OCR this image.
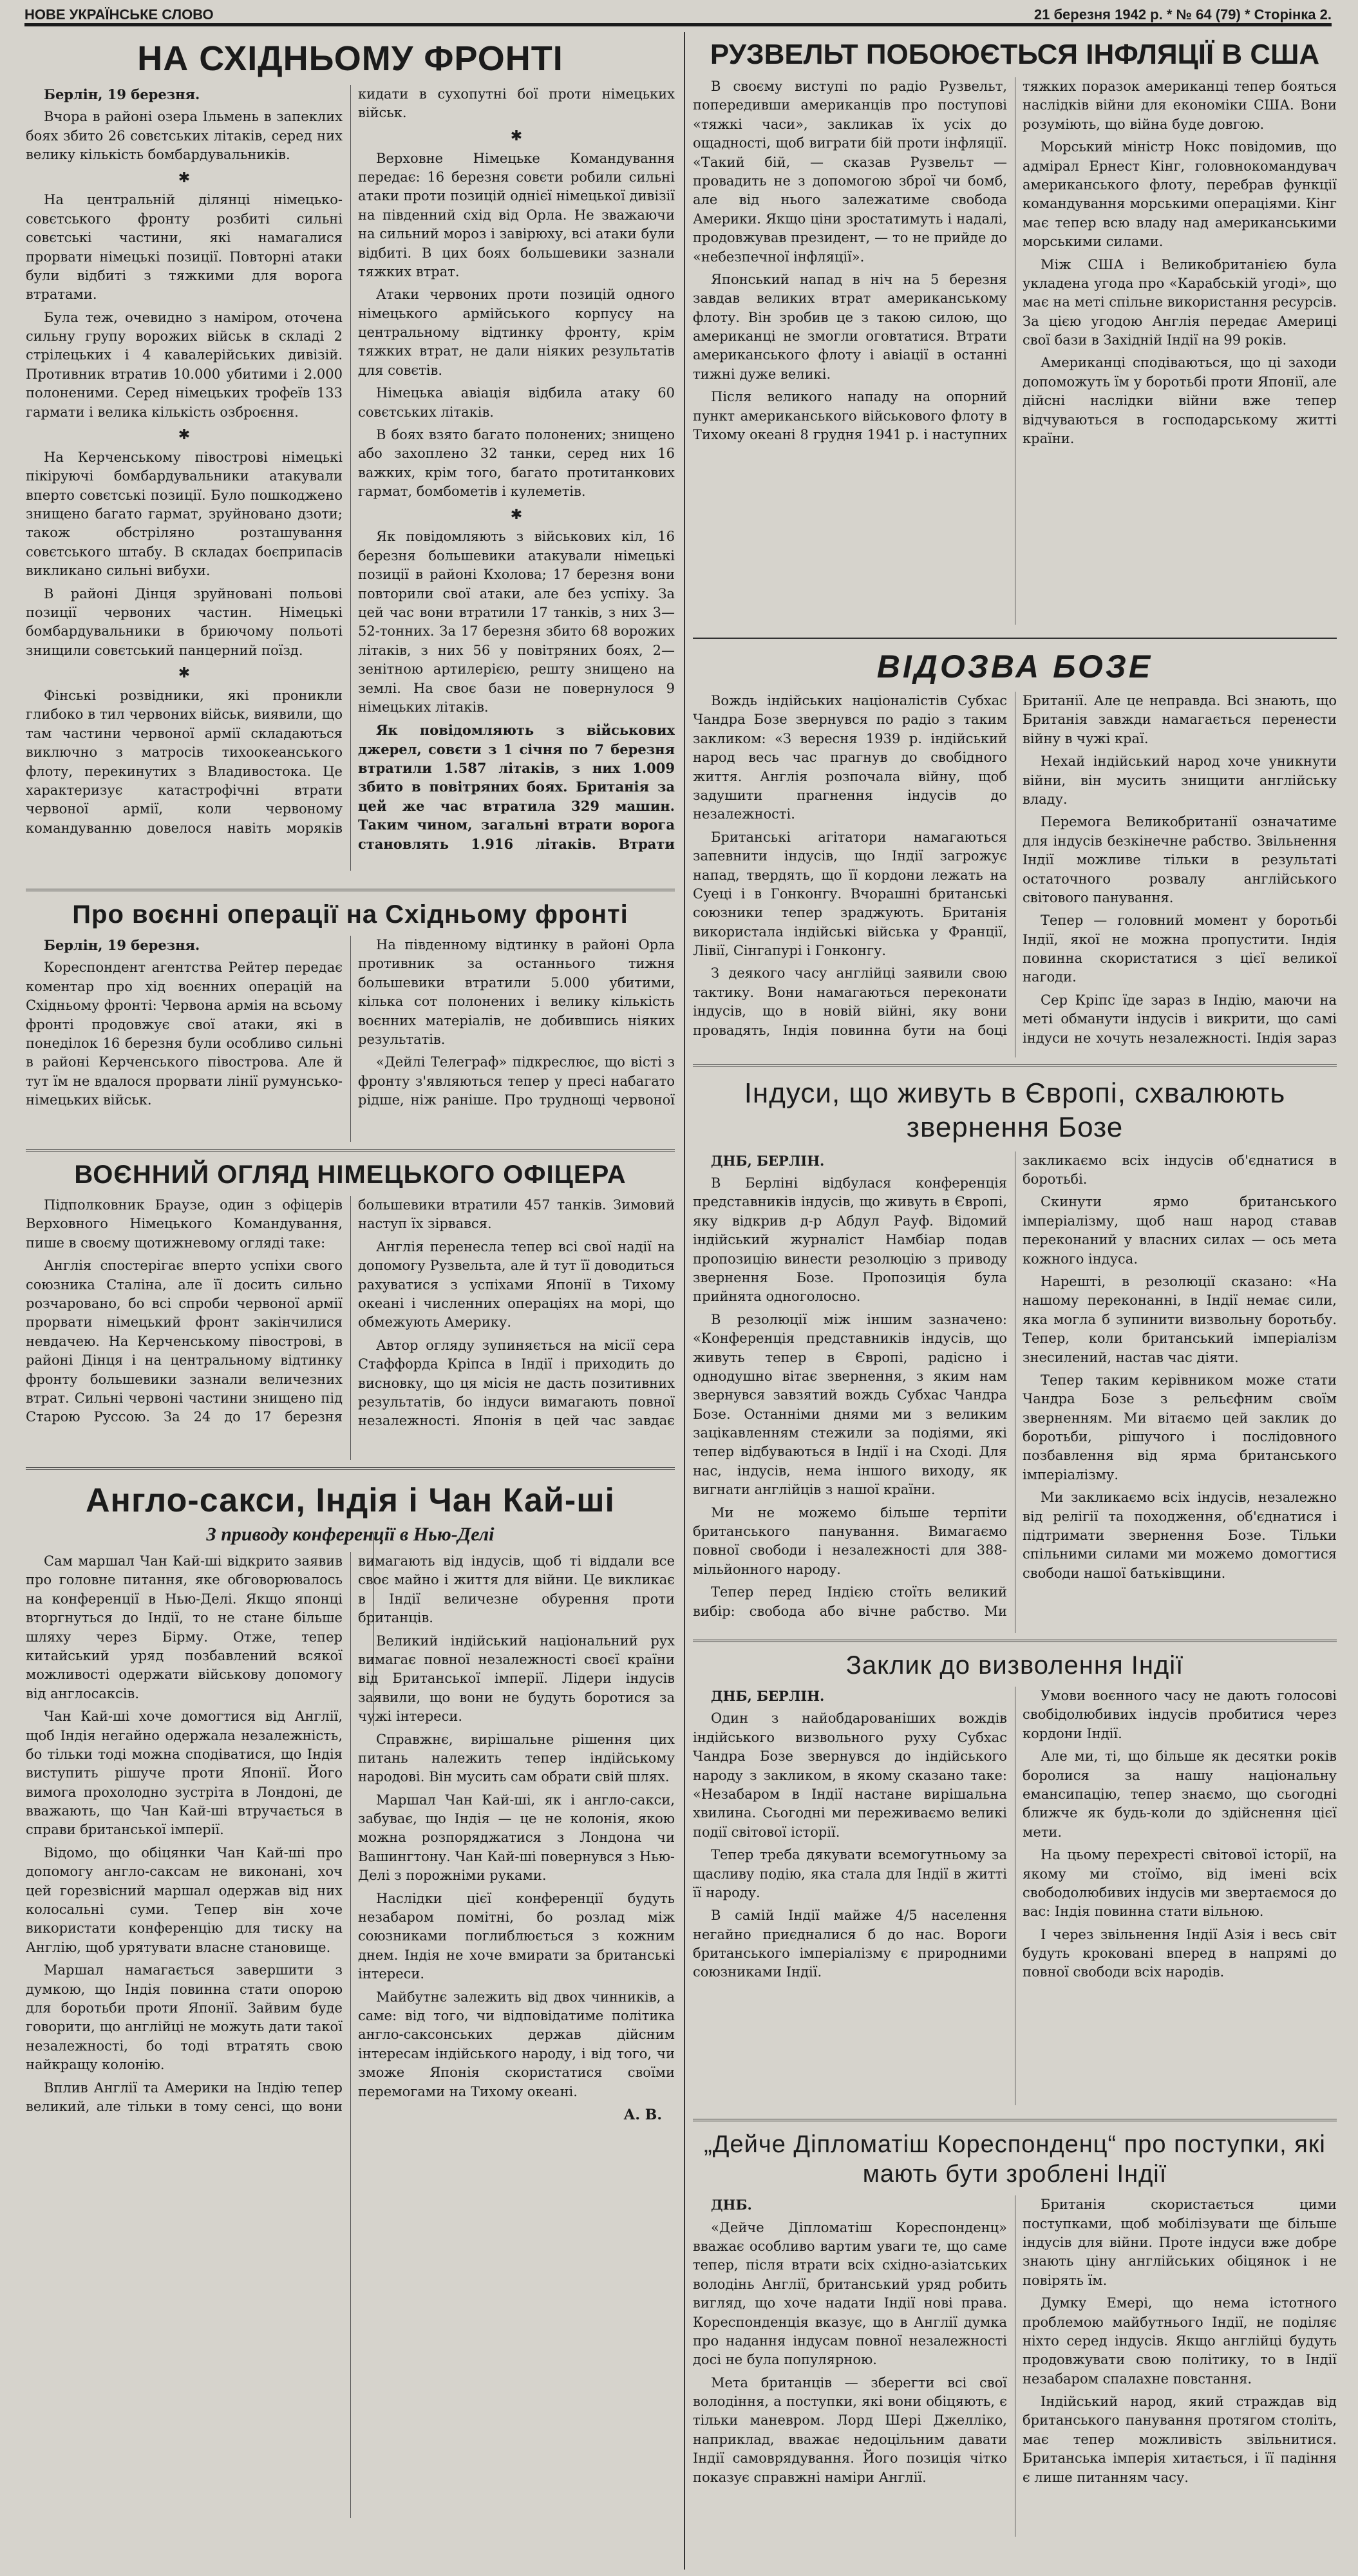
НОВЕ УКРАЇНСЬКЕ СЛОВО	21 березня 1942 р. * № 64 (79) * Сторінка 2.
НА СХІДНЬОМУ ФРОНТІ

Берлін, 19 березня.

Вчора в районі озера Ільмень в запеклих боях збито 26 совєтських літаків, серед них велику кількість бомбардувальників.

✱

На центральній ділянці німецько-совєтського фронту розбиті сильні совєтські частини, які намагалися прорвати німецькі позиції. Повторні атаки були відбиті з тяжкими для ворога втратами.

Була теж, очевидно з наміром, оточена сильну групу ворожих військ в складі 2 стрілецьких і 4 кавалерійських дивізій. Противник втратив 10.000 убитими і 2.000 полоненими. Серед німецьких трофеїв 133 гармати і велика кількість озброєння.

✱

На Керченському півострові німецькі пікіруючі бомбардувальники атакували вперто совєтські позиції. Було пошкоджено знищено багато гармат, зруйновано дзоти; також обстріляно розташування совєтського штабу. В складах боєприпасів викликано сильні вибухи.

В районі Дінця зруйновані польові позиції червоних частин. Німецькі бомбардувальники в бриючому польоті знищили совєтський панцерний поїзд.

✱

Фінські розвідники, які проникли глибоко в тил червоних військ, виявили, що там частини червоної армії складаються виключно з матросів тихоокеанського флоту, перекинутих з Владивостока. Це характеризує катастрофічні втрати червоної армії, коли червоному командуванню довелося навіть моряків кидати в сухопутні бої проти німецьких військ.

✱

Верховне Німецьке Командування передає: 16 березня совєти робили сильні атаки проти позицій однієї німецької дивізії на південний схід від Орла. Не зважаючи на сильний мороз і завірюху, всі атаки були відбиті. В цих боях большевики зазнали тяжких втрат.

Атаки червоних проти позицій одного німецького армійського корпусу на центральному відтинку фронту, крім тяжких втрат, не дали ніяких результатів для совєтів.

Німецька авіація відбила атаку 60 совєтських літаків.

В боях взято багато полонених; знищено або захоплено 32 танки, серед них 16 важких, крім того, багато протитанкових гармат, бомбометів і кулеметів.

✱

Як повідомляють з військових кіл, 16 березня большевики атакували німецькі позиції в районі Кхолова; 17 березня вони повторили свої атаки, але без успіху. За цей час вони втратили 17 танків, з них 3—52-тонних. За 17 березня збито 68 ворожих літаків, з них 56 у повітряних боях, 2—зенітною артилерією, решту знищено на землі. На своє бази не повернулося 9 німецьких літаків.

Як повідомляють з військових джерел, совєти з 1 січня по 7 березня втратили 1.587 літаків, з них 1.009 збито в повітряних боях. Британія за цей же час втратила 329 машин. Таким чином, загальні втрати ворога становлять 1.916 літаків. Втрати

Про воєнні операції на Східньому фронті

Берлін, 19 березня.

Кореспондент агентства Рейтер передає коментар про хід воєнних операцій на Східньому фронті: Червона армія на всьому фронті продовжує свої атаки, які в понеділок 16 березня були особливо сильні в районі Керченського півострова. Але й тут їм не вдалося прорвати лінії румунсько-німецьких військ.

На південному відтинку в районі Орла противник за останнього тижня большевики втратили 5.000 убитими, кілька сот полонених і велику кількість воєнних матеріалів, не добившись ніяких результатів.

«Дейлі Телеграф» підкреслює, що вісті з фронту з'являються тепер у пресі набагато рідше, ніж раніше. Про труднощі червоної

ВОЄННИЙ ОГЛЯД НІМЕЦЬКОГО ОФІЦЕРА

Підполковник Браузе, один з офіцерів Верховного Німецького Командування, пише в своєму щотижневому огляді таке:

Англія спостерігає вперто успіхи свого союзника Сталіна, але її досить сильно розчаровано, бо всі спроби червоної армії прорвати німецький фронт закінчилися невдачею. На Керченському півострові, в районі Дінця і на центральному відтинку фронту большевики зазнали величезних втрат. Сильні червоні частини знищено під Старою Руссою. За 24 до 17 березня большевики втратили 457 танків. Зимовий наступ їх зірвався.

Англія перенесла тепер всі свої надії на допомогу Рузвельта, але й тут її доводиться рахуватися з успіхами Японії в Тихому океані і численних операціях на морі, що обмежують Америку.

Автор огляду зупиняється на місії сера Стаффорда Кріпса в Індії і приходить до висновку, що ця місія не дасть позитивних результатів, бо індуси вимагають повної незалежності. Японія в цей час завдає

Англо-сакси, Індія і Чан Кай-ші
З приводу конференції в Нью-Делі

Сам маршал Чан Кай-ші відкрито заявив про головне питання, яке обговорювалось на конференції в Нью-Делі. Якщо японці вторгнуться до Індії, то не стане більше шляху через Бірму. Отже, тепер китайський уряд позбавлений всякої можливості одержати військову допомогу від англосаксів.

Чан Кай-ші хоче домогтися від Англії, щоб Індія негайно одержала незалежність, бо тільки тоді можна сподіватися, що Індія виступить рішуче проти Японії. Його вимога прохолодно зустріта в Лондоні, де вважають, що Чан Кай-ші втручається в справи британської імперії.

Відомо, що обіцянки Чан Кай-ші про допомогу англо-саксам не виконані, хоч цей горезвісний маршал одержав від них колосальні суми. Тепер він хоче використати конференцію для тиску на Англію, щоб урятувати власне становище.

Маршал намагається завершити з думкою, що Індія повинна стати опорою для боротьби проти Японії. Зайвим буде говорити, що англійці не можуть дати такої незалежності, бо тоді втратять свою найкращу колонію.

Вплив Англії та Америки на Індію тепер великий, але тільки в тому сенсі, що вони вимагають від індусів, щоб ті віддали все своє майно і життя для війни. Це викликає в Індії величезне обурення проти британців.

Великий індійський національний рух вимагає повної незалежності своєї країни від Британської імперії. Лідери індусів заявили, що вони не будуть боротися за чужі інтереси.

Справжнє, вирішальне рішення цих питань належить тепер індійському народові. Він мусить сам обрати свій шлях.

Маршал Чан Кай-ші, як і англо-сакси, забуває, що Індія — це не колонія, якою можна розпоряджатися з Лондона чи Вашингтону. Чан Кай-ші повернувся з Нью-Делі з порожніми руками.

Наслідки цієї конференції будуть незабаром помітні, бо розлад між союзниками поглиблюється з кожним днем. Індія не хоче вмирати за британські інтереси.

Майбутнє залежить від двох чинників, а саме: від того, чи відповідатиме політика англо-саксонських держав дійсним інтересам індійського народу, і від того, чи зможе Японія скористатися своїми перемогами на Тихому океані.

А. В.
РУЗВЕЛЬТ ПОБОЮЄТЬСЯ ІНФЛЯЦІЇ В США

В своєму виступі по радіо Рузвельт, попередивши американців про поступові «тяжкі часи», закликав їх усіх до ощадності, щоб виграти бій проти інфляції. «Такий бій, — сказав Рузвельт — провадить не з допомогою зброї чи бомб, але від нього залежатиме свобода Америки. Якщо ціни зростатимуть і надалі, продовжував президент, — то не прийде до «небезпечної інфляції».

Японський напад в ніч на 5 березня завдав великих втрат американському флоту. Він зробив це з такою силою, що американці не змогли оговтатися. Втрати американського флоту і авіації в останні тижні дуже великі.

Після великого нападу на опорний пункт американського військового флоту в Тихому океані 8 грудня 1941 р. і наступних тяжких поразок американці тепер бояться наслідків війни для економіки США. Вони розуміють, що війна буде довгою.

Морський міністр Нокс повідомив, що адмірал Ернест Кінг, головнокомандувач американського флоту, перебрав функції командування морськими операціями. Кінг має тепер всю владу над американськими морськими силами.

Між США і Великобританією була укладена угода про «Карабській угоді», що має на меті спільне використання ресурсів. За цією угодою Англія передає Америці свої бази в Західній Індії на 99 років.

Американці сподіваються, що ці заходи допоможуть їм у боротьбі проти Японії, але дійсні наслідки війни вже тепер відчуваються в господарському житті країни.

ВІДОЗВА БОЗЕ

Вождь індійських націоналістів Субхас Чандра Бозе звернувся по радіо з таким закликом: «З вересня 1939 р. індійський народ весь час прагнув до свобідного життя. Англія розпочала війну, щоб задушити прагнення індусів до незалежності.

Британські агітатори намагаються запевнити індусів, що Індії загрожує напад, твердять, що її кордони лежать на Суеці і в Гонконгу. Вчорашні британські союзники тепер зраджують. Британія використала індійські війська у Франції, Лівії, Сінгапурі і Гонконгу.

З деякого часу англійці заявили свою тактику. Вони намагаються переконати індусів, що в новій війні, яку вони провадять, Індія повинна бути на боці Британії. Але це неправда. Всі знають, що Британія завжди намагається перенести війну в чужі краї.

Нехай індійський народ хоче уникнути війни, він мусить знищити англійську владу.

Перемога Великобританії означатиме для індусів безкінечне рабство. Звільнення Індії можливе тільки в результаті остаточного розвалу англійського світового панування.

Тепер — головний момент у боротьбі Індії, якої не можна пропустити. Індія повинна скористатися з цієї великої нагоди.

Сер Кріпс їде зараз в Індію, маючи на меті обманути індусів і викрити, що самі індуси не хочуть незалежності. Індія зараз

Індуси, що живуть в Європі, схвалюють звернення Бозе

ДНБ, БЕРЛІН.

В Берліні відбулася конференція представників індусів, що живуть в Європі, яку відкрив д-р Абдул Рауф. Відомий індійський журналіст Намбіар подав пропозицію винести резолюцію з приводу звернення Бозе. Пропозиція була прийнята одноголосно.

В резолюції між іншим зазначено: «Конференція представників індусів, що живуть тепер в Європі, радісно і однодушно вітає звернення, з яким нам звернувся завзятий вождь Субхас Чандра Бозе. Останніми днями ми з великим зацікавленням стежили за подіями, які тепер відбуваються в Індії і на Сході. Для нас, індусів, нема іншого виходу, як вигнати англійців з нашої країни.

Ми не можемо більше терпіти британського панування. Вимагаємо повної свободи і незалежності для 388-мільйонного народу.

Тепер перед Індією стоїть великий вибір: свобода або вічне рабство. Ми закликаємо всіх індусів об'єднатися в боротьбі.

Скинути ярмо британського імперіалізму, щоб наш народ ставав переконаний у власних силах — ось мета кожного індуса.

Нарешті, в резолюції сказано: «На нашому переконанні, в Індії немає сили, яка могла б зупинити визвольну боротьбу. Тепер, коли британський імперіалізм знесилений, настав час діяти.

Тепер таким керівником може стати Чандра Бозе з рельєфним своїм зверненням. Ми вітаємо цей заклик до боротьби, рішучого і послідовного позбавлення від ярма британського імперіалізму.

Ми закликаємо всіх індусів, незалежно від релігії та походження, об'єднатися і підтримати звернення Бозе. Тільки спільними силами ми можемо домогтися свободи нашої батьківщини.

Заклик до визволення Індії

ДНБ, БЕРЛІН.

Один з найобдарованіших вождів індійського визвольного руху Субхас Чандра Бозе звернувся до індійського народу з закликом, в якому сказано таке: «Незабаром в Індії настане вирішальна хвилина. Сьогодні ми переживаємо великі події світової історії.

Тепер треба дякувати всемогутньому за щасливу подію, яка стала для Індії в житті її народу.

В самій Індії майже 4/5 населення негайно приєдналися б до нас. Вороги британського імперіалізму є природними союзниками Індії.

Умови воєнного часу не дають голосові свобідолюбивих індусів пробитися через кордони Індії.

Але ми, ті, що більше як десятки років боролися за нашу національну емансипацію, тепер знаємо, що сьогодні ближче як будь-коли до здійснення цієї мети.

На цьому перехресті світової історії, на якому ми стоїмо, від імені всіх свободолюбивих індусів ми звертаємося до вас: Індія повинна стати вільною.

І через звільнення Індії Азія і весь світ будуть кроковані вперед в напрямі до повної свободи всіх народів.

„Дейче Діпломатіш Кореспонденц“ про поступки, які мають бути зроблені Індії

ДНБ.

«Дейче Діпломатіш Кореспонденц» вважає особливо вартим уваги те, що саме тепер, після втрати всіх східно-азіатських володінь Англії, британський уряд робить вигляд, що хоче надати Індії нові права. Кореспонденція вказує, що в Англії думка про надання індусам повної незалежності досі не була популярною.

Мета британців — зберегти всі свої володіння, а поступки, які вони обіцяють, є тільки маневром. Лорд Шері Джелліко, наприклад, вважає недоцільним давати Індії самоврядування. Його позиція чітко показує справжні наміри Англії.

Британія скористається цими поступками, щоб мобілізувати ще більше індусів для війни. Проте індуси вже добре знають ціну англійських обіцянок і не повірять їм.

Думку Емері, що нема істотного проблемою майбутнього Індії, не поділяє ніхто серед індусів. Якщо англійці будуть продовжувати свою політику, то в Індії незабаром спалахне повстання.

Індійський народ, який страждав від британського панування протягом століть, має тепер можливість звільнитися. Британська імперія хитається, і її падіння є лише питанням часу.
